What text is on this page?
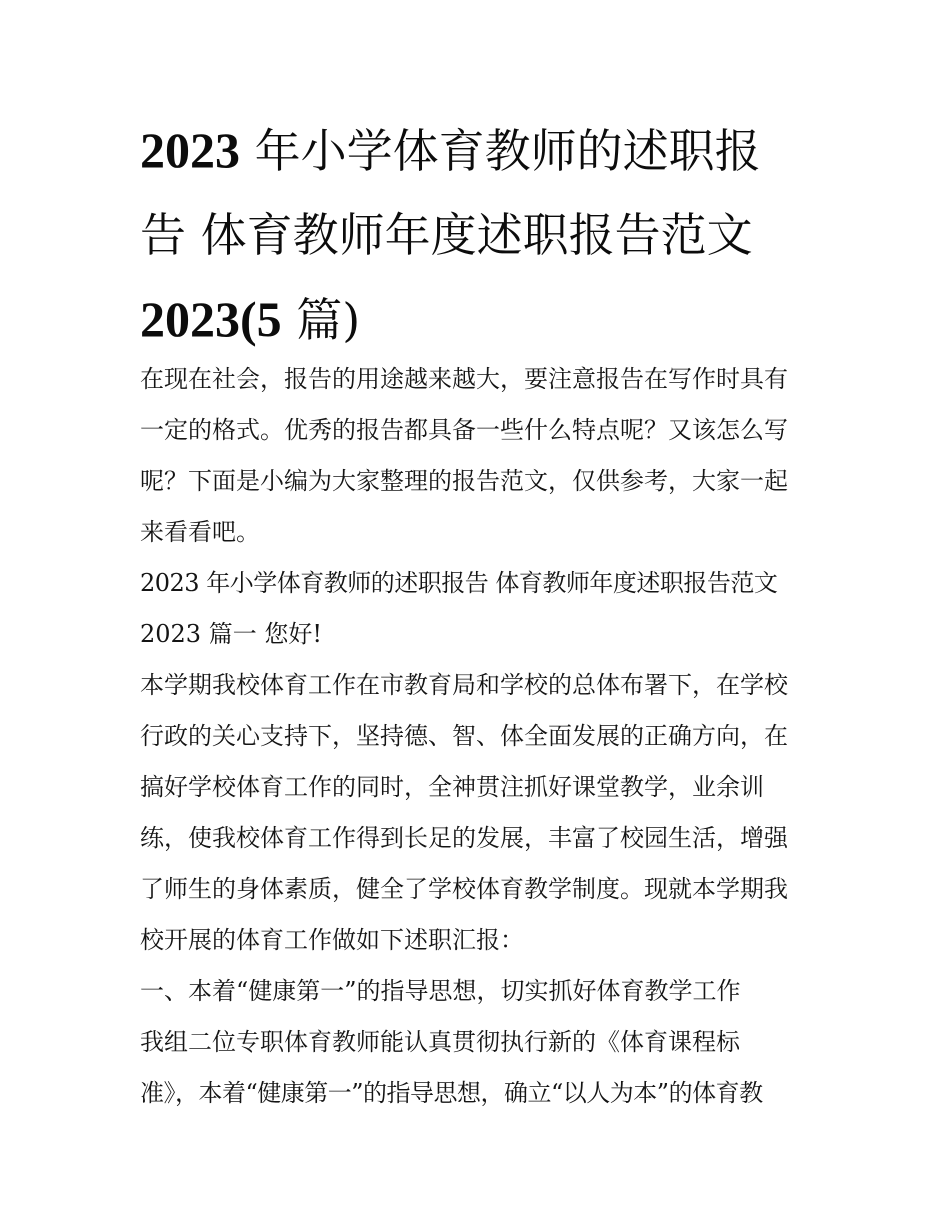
2023 年小学体育教师的述职报
告 体育教师年度述职报告范文
2023(5 篇)
在现在社会，报告的用途越来越大，要注意报告在写作时具有
一定的格式。优秀的报告都具备一些什么特点呢？又该怎么写
呢？下面是小编为大家整理的报告范文，仅供参考，大家一起
来看看吧。
2023 年小学体育教师的述职报告 体育教师年度述职报告范文
2023 篇一 您好!
本学期我校体育工作在市教育局和学校的总体布署下，在学校
行政的关心支持下，坚持德、智、体全面发展的正确方向，在
搞好学校体育工作的同时，全神贯注抓好课堂教学，业余训
练，使我校体育工作得到长足的发展，丰富了校园生活，增强
了师生的身体素质，健全了学校体育教学制度。现就本学期我
校开展的体育工作做如下述职汇报：
一、本着“健康第一”的指导思想，切实抓好体育教学工作
我组二位专职体育教师能认真贯彻执行新的《体育课程标
准》，本着“健康第一”的指导思想，确立“以人为本”的体育教
